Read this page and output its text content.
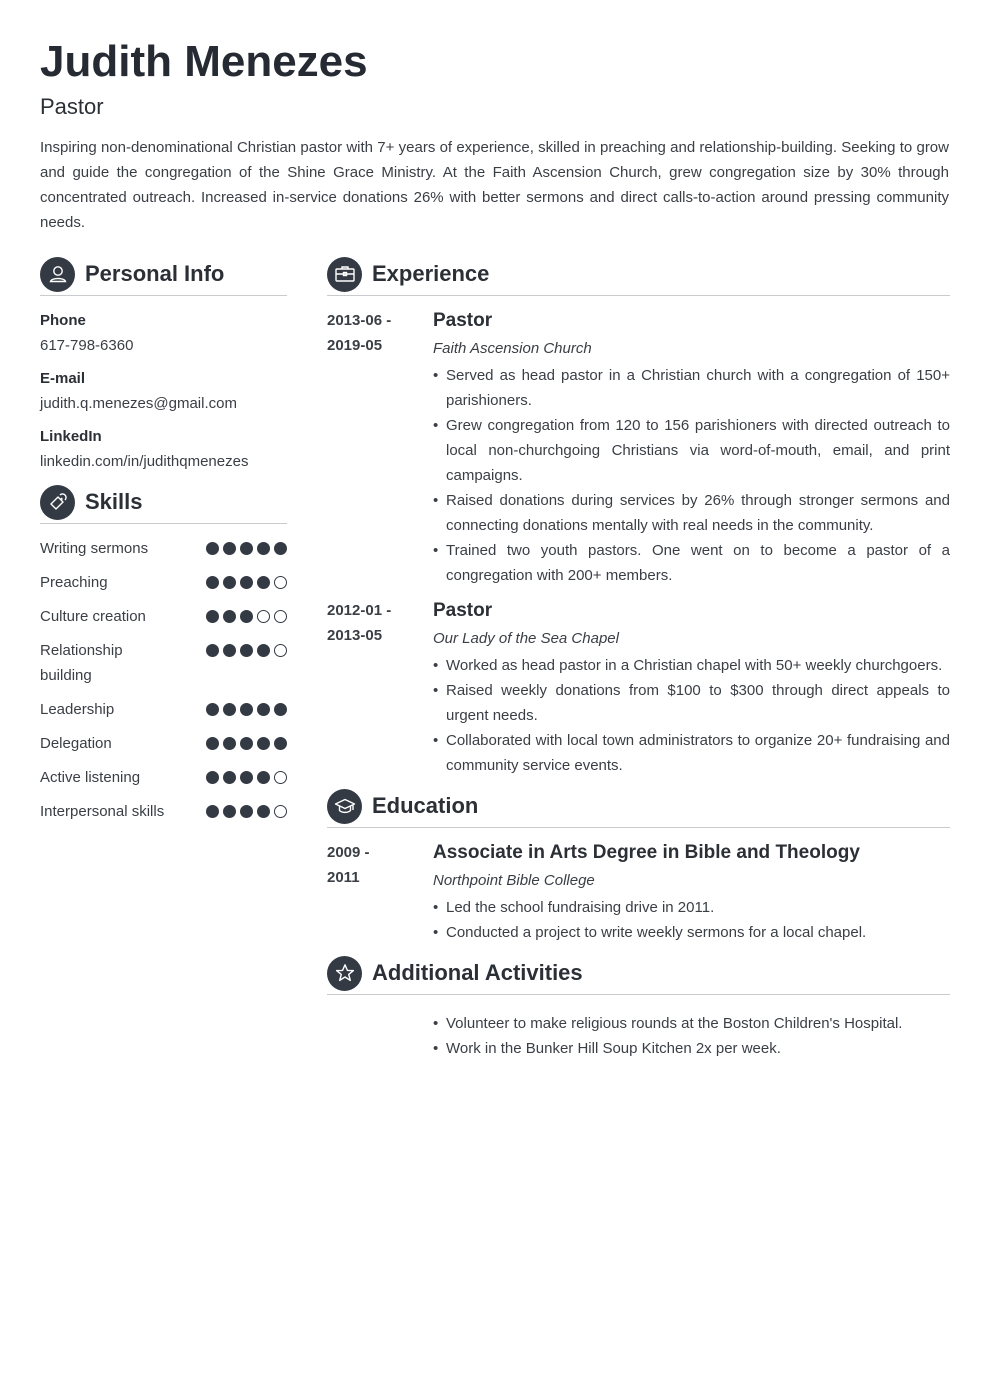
Judith Menezes
Pastor
Inspiring non-denominational Christian pastor with 7+ years of experience, skilled in preaching and relationship-building. Seeking to grow and guide the congregation of the Shine Grace Ministry. At the Faith Ascension Church, grew congregation size by 30% through concentrated outreach. Increased in-service donations 26% with better sermons and direct calls-to-action around pressing community needs.
Personal Info
Phone
617-798-6360
E-mail
judith.q.menezes@gmail.com
LinkedIn
linkedin.com/in/judithqmenezes
Skills
Writing sermons
Preaching
Culture creation
Relationship building
Leadership
Delegation
Active listening
Interpersonal skills
Experience
2013-06 -
2019-05
Pastor
Faith Ascension Church
• Served as head pastor in a Christian church with a congregation of 150+ parishioners.
• Grew congregation from 120 to 156 parishioners with directed outreach to local non-churchgoing Christians via word-of-mouth, email, and print campaigns.
• Raised donations during services by 26% through stronger sermons and connecting donations mentally with real needs in the community.
• Trained two youth pastors. One went on to become a pastor of a congregation with 200+ members.
2012-01 -
2013-05
Pastor
Our Lady of the Sea Chapel
• Worked as head pastor in a Christian chapel with 50+ weekly churchgoers.
• Raised weekly donations from $100 to $300 through direct appeals to urgent needs.
• Collaborated with local town administrators to organize 20+ fundraising and community service events.
Education
2009 -
2011
Associate in Arts Degree in Bible and Theology
Northpoint Bible College
• Led the school fundraising drive in 2011.
• Conducted a project to write weekly sermons for a local chapel.
Additional Activities
• Volunteer to make religious rounds at the Boston Children's Hospital.
• Work in the Bunker Hill Soup Kitchen 2x per week.
